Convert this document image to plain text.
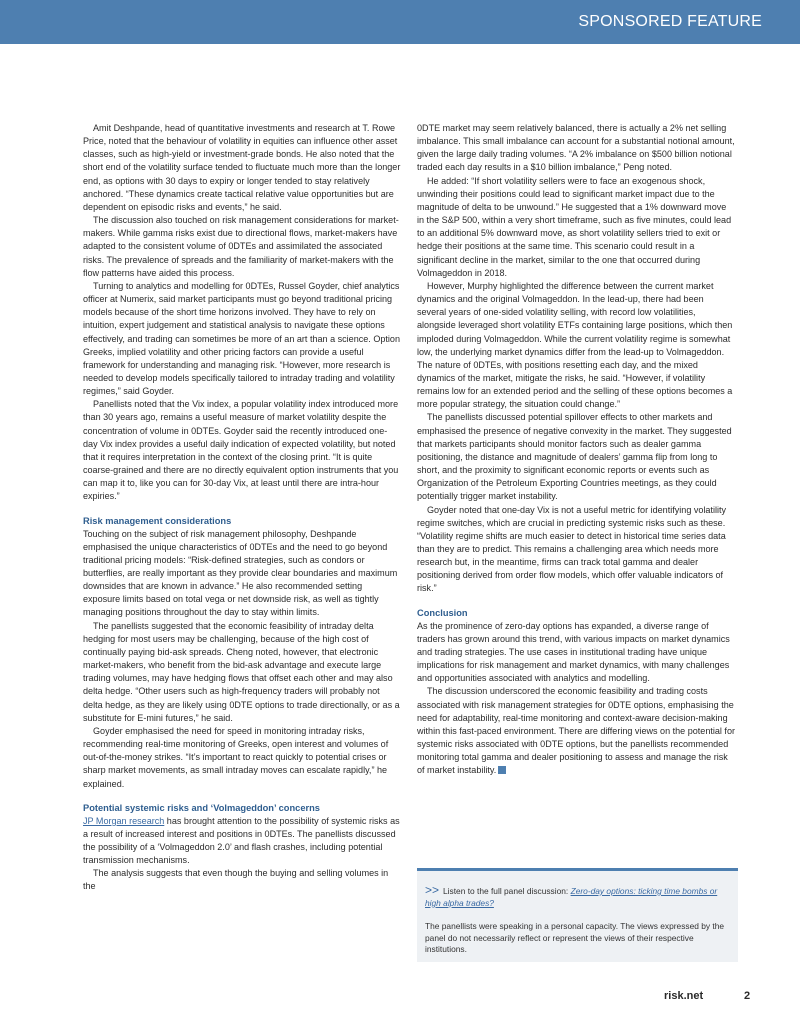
SPONSORED FEATURE

Amit Deshpande, head of quantitative investments and research at T. Rowe Price, noted that the behaviour of volatility in equities can influence other asset classes, such as high-yield or investment-grade bonds. He also noted that the short end of the volatility surface tended to fluctuate much more than the longer end, as options with 30 days to expiry or longer tended to stay relatively anchored. “These dynamics create tactical relative value opportunities but are dependent on episodic risks and events,” he said.

The discussion also touched on risk management considerations for market-makers. While gamma risks exist due to directional flows, market-makers have adapted to the consistent volume of 0DTEs and assimilated the associated risks. The prevalence of spreads and the familiarity of market-makers with the flow patterns have aided this process.

Turning to analytics and modelling for 0DTEs, Russel Goyder, chief analytics officer at Numerix, said market participants must go beyond traditional pricing models because of the short time horizons involved. They have to rely on intuition, expert judgement and statistical analysis to navigate these options effectively, and trading can sometimes be more of an art than a science. Option Greeks, implied volatility and other pricing factors can provide a useful framework for understanding and managing risk. “However, more research is needed to develop models specifically tailored to intraday trading and volatility regimes,” said Goyder.

Panellists noted that the Vix index, a popular volatility index introduced more than 30 years ago, remains a useful measure of market volatility despite the concentration of volume in 0DTEs. Goyder said the recently introduced one-day Vix index provides a useful daily indication of expected volatility, but noted that it requires interpretation in the context of the closing print. “It is quite coarse-grained and there are no directly equivalent option instruments that you can map it to, like you can for 30-day Vix, at least until there are intra-hour expiries.”

Risk management considerations

Touching on the subject of risk management philosophy, Deshpande emphasised the unique characteristics of 0DTEs and the need to go beyond traditional pricing models: “Risk-defined strategies, such as condors or butterflies, are really important as they provide clear boundaries and maximum downsides that are known in advance.” He also recommended setting exposure limits based on total vega or net downside risk, as well as tightly managing positions throughout the day to stay within limits.

The panellists suggested that the economic feasibility of intraday delta hedging for most users may be challenging, because of the high cost of continually paying bid-ask spreads. Cheng noted, however, that electronic market-makers, who benefit from the bid-ask advantage and execute large trading volumes, may have hedging flows that offset each other and may also delta hedge. “Other users such as high-frequency traders will probably not delta hedge, as they are likely using 0DTE options to trade directionally, or as a substitute for E-mini futures,” he said.

Goyder emphasised the need for speed in monitoring intraday risks, recommending real-time monitoring of Greeks, open interest and volumes of out-of-the-money strikes. “It’s important to react quickly to potential crises or sharp market movements, as small intraday moves can escalate rapidly,” he explained.

Potential systemic risks and ‘Volmageddon’ concerns

JP Morgan research has brought attention to the possibility of systemic risks as a result of increased interest and positions in 0DTEs. The panellists discussed the possibility of a ‘Volmageddon 2.0’ and flash crashes, including potential transmission mechanisms.

The analysis suggests that even though the buying and selling volumes in the

0DTE market may seem relatively balanced, there is actually a 2% net selling imbalance. This small imbalance can account for a substantial notional amount, given the large daily trading volumes. “A 2% imbalance on $500 billion notional traded each day results in a $10 billion imbalance,” Peng noted.

He added: “If short volatility sellers were to face an exogenous shock, unwinding their positions could lead to significant market impact due to the magnitude of delta to be unwound.” He suggested that a 1% downward move in the S&P 500, within a very short timeframe, such as five minutes, could lead to an additional 5% downward move, as short volatility sellers tried to exit or hedge their positions at the same time. This scenario could result in a significant decline in the market, similar to the one that occurred during Volmageddon in 2018.

However, Murphy highlighted the difference between the current market dynamics and the original Volmageddon. In the lead-up, there had been several years of one-sided volatility selling, with record low volatilities, alongside leveraged short volatility ETFs containing large positions, which then imploded during Volmageddon. While the current volatility regime is somewhat low, the underlying market dynamics differ from the lead-up to Volmageddon. The nature of 0DTEs, with positions resetting each day, and the mixed dynamics of the market, mitigate the risks, he said. “However, if volatility remains low for an extended period and the selling of these options becomes a more popular strategy, the situation could change.”

The panellists discussed potential spillover effects to other markets and emphasised the presence of negative convexity in the market. They suggested that markets participants should monitor factors such as dealer gamma positioning, the distance and magnitude of dealers’ gamma flip from long to short, and the proximity to significant economic reports or events such as Organization of the Petroleum Exporting Countries meetings, as they could potentially trigger market instability.

Goyder noted that one-day Vix is not a useful metric for identifying volatility regime switches, which are crucial in predicting systemic risks such as these. “Volatility regime shifts are much easier to detect in historical time series data than they are to predict. This remains a challenging area which needs more research but, in the meantime, firms can track total gamma and dealer positioning derived from order flow models, which offer valuable indicators of risk.”

Conclusion

As the prominence of zero-day options has expanded, a diverse range of traders has grown around this trend, with various impacts on market dynamics and trading strategies. The use cases in institutional trading have unique implications for risk management and market dynamics, with many challenges and opportunities associated with analytics and modelling.

The discussion underscored the economic feasibility and trading costs associated with risk management strategies for 0DTE options, emphasising the need for adaptability, real-time monitoring and context-aware decision-making within this fast-paced environment. There are differing views on the potential for systemic risks associated with 0DTE options, but the panellists recommended monitoring total gamma and dealer positioning to assess and manage the risk of market instability.

>> Listen to the full panel discussion: Zero-day options: ticking time bombs or high alpha trades?
The panellists were speaking in a personal capacity. The views expressed by the panel do not necessarily reflect or represent the views of their respective institutions.
risk.net	2
